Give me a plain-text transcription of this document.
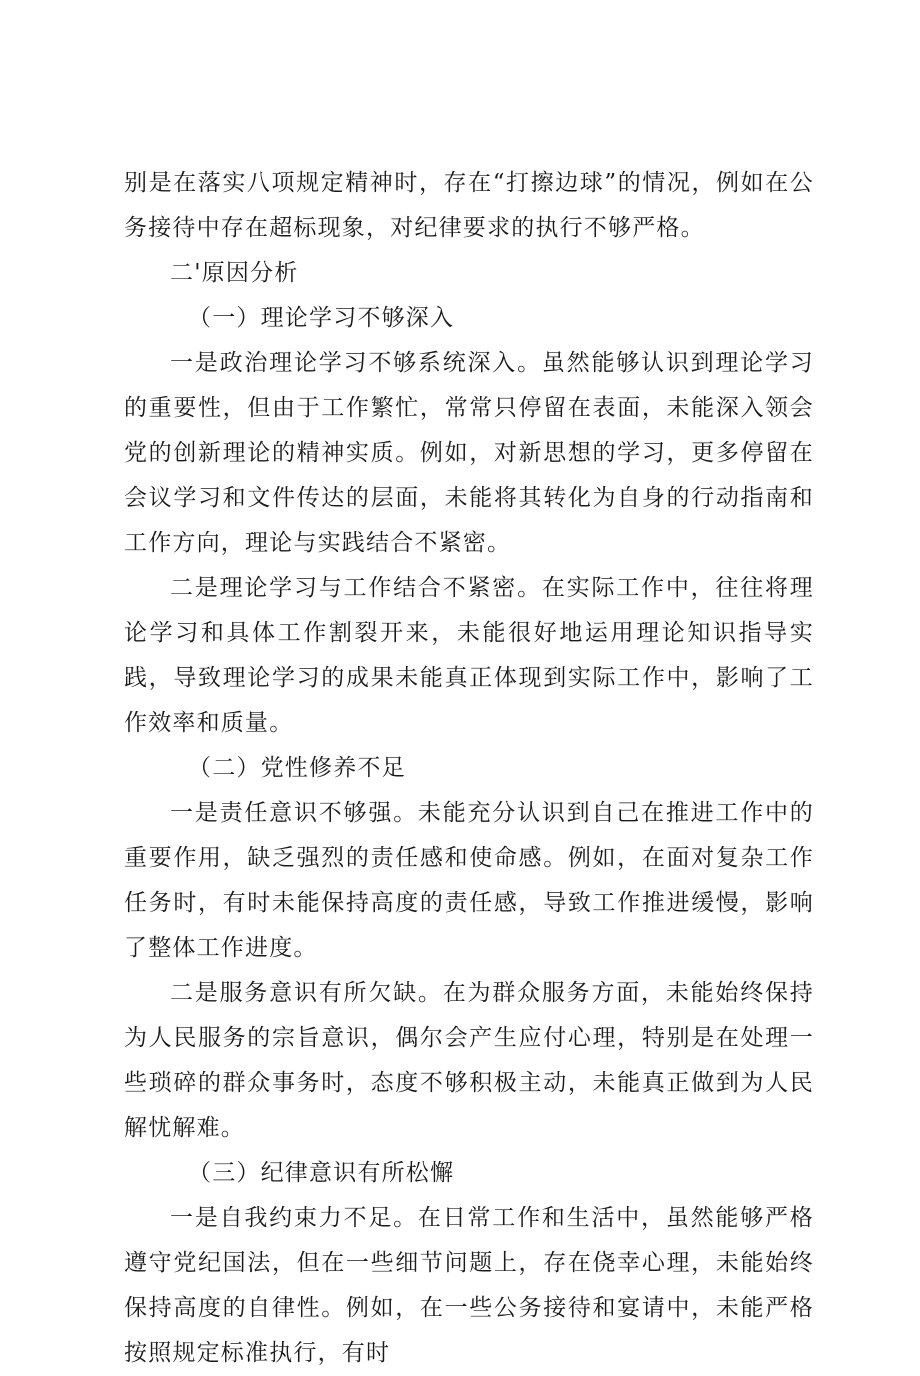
别是在落实八项规定精神时，存在“打擦边球”的情况，例如在公务接待中存在超标现象，对纪律要求的执行不够严格。

二'原因分析

（一）理论学习不够深入

一是政治理论学习不够系统深入。虽然能够认识到理论学习的重要性，但由于工作繁忙，常常只停留在表面，未能深入领会党的创新理论的精神实质。例如，对新思想的学习，更多停留在会议学习和文件传达的层面，未能将其转化为自身的行动指南和工作方向，理论与实践结合不紧密。

二是理论学习与工作结合不紧密。在实际工作中，往往将理论学习和具体工作割裂开来，未能很好地运用理论知识指导实践，导致理论学习的成果未能真正体现到实际工作中，影响了工作效率和质量。

（二）党性修养不足

一是责任意识不够强。未能充分认识到自己在推进工作中的重要作用，缺乏强烈的责任感和使命感。例如，在面对复杂工作任务时，有时未能保持高度的责任感，导致工作推进缓慢，影响了整体工作进度。

二是服务意识有所欠缺。在为群众服务方面，未能始终保持为人民服务的宗旨意识，偶尔会产生应付心理，特别是在处理一些琐碎的群众事务时，态度不够积极主动，未能真正做到为人民解忧解难。

（三）纪律意识有所松懈

一是自我约束力不足。在日常工作和生活中，虽然能够严格遵守党纪国法，但在一些细节问题上，存在侥幸心理，未能始终保持高度的自律性。例如，在一些公务接待和宴请中，未能严格按照规定标准执行，有时
